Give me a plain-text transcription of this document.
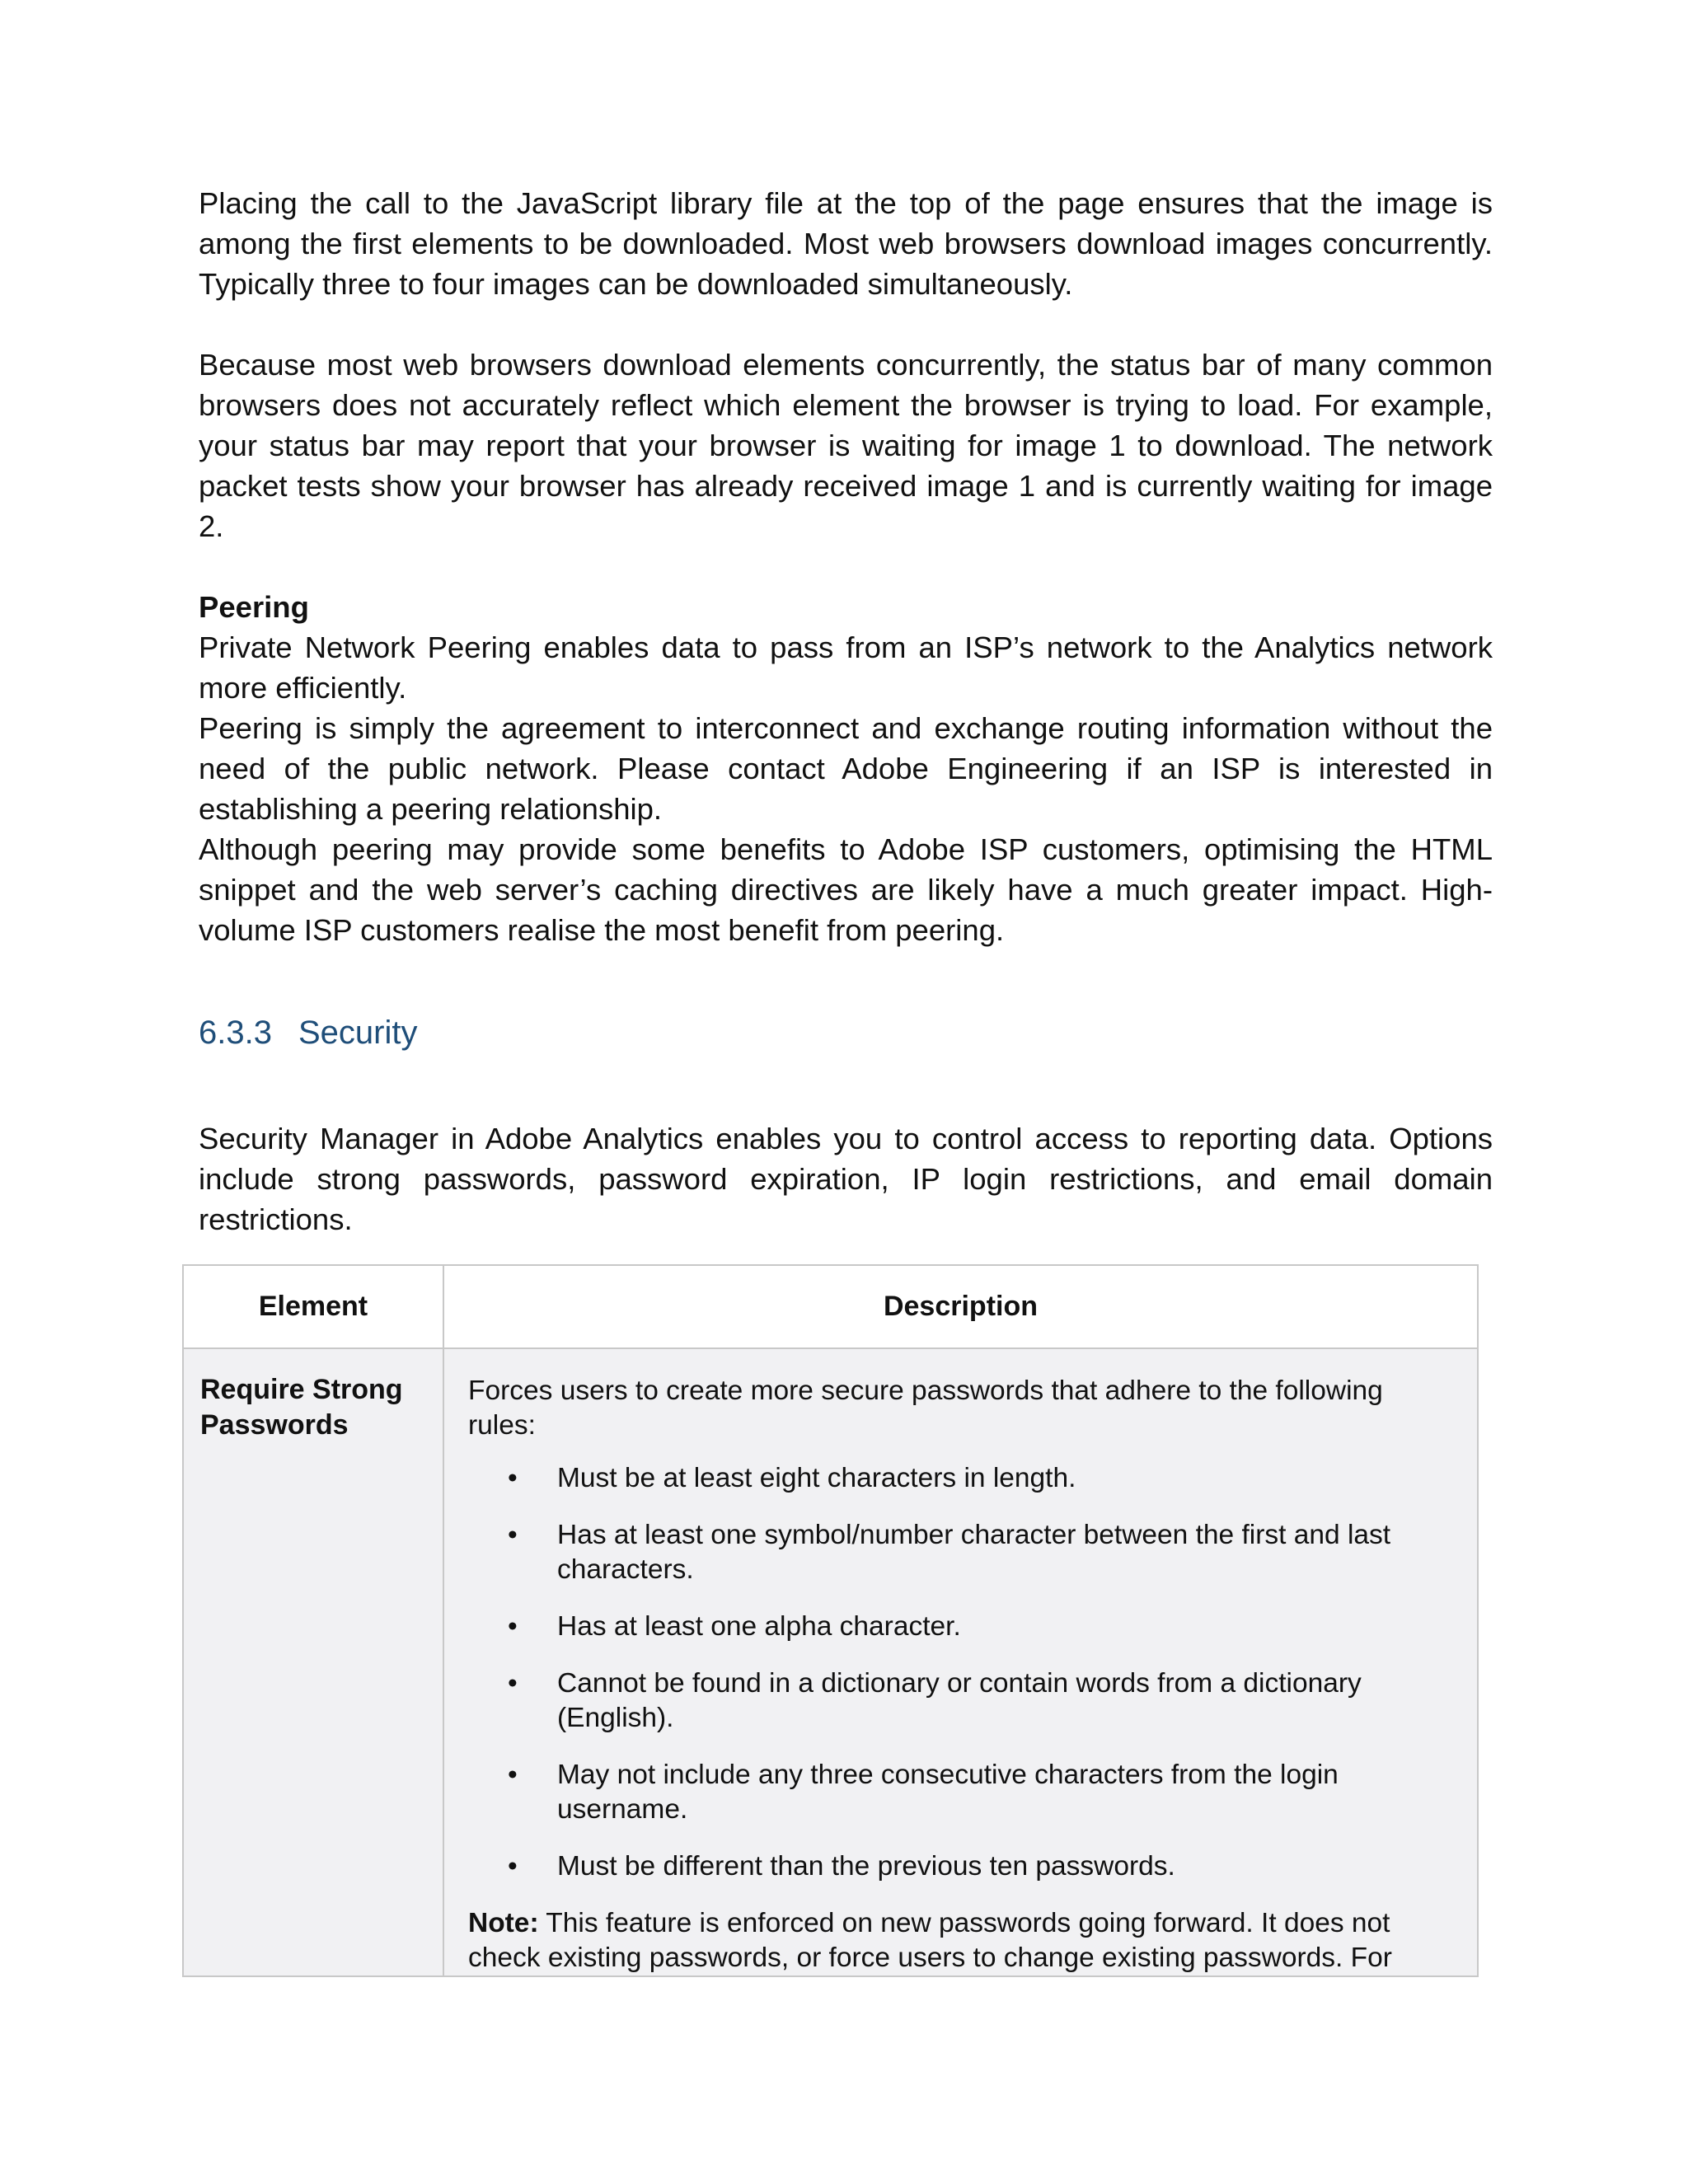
Placing the call to the JavaScript library file at the top of the page ensures that the image is among the first elements to be downloaded. Most web browsers download images concurrently. Typically three to four images can be downloaded simultaneously.

Because most web browsers download elements concurrently, the status bar of many common browsers does not accurately reflect which element the browser is trying to load. For example, your status bar may report that your browser is waiting for image 1 to download. The network packet tests show your browser has already received image 1 and is currently waiting for image 2.

Peering

Private Network Peering enables data to pass from an ISP’s network to the Analytics network more efficiently.

Peering is simply the agreement to interconnect and exchange routing information without the need of the public network. Please contact Adobe Engineering if an ISP is interested in establishing a peering relationship.

Although peering may provide some benefits to Adobe ISP customers, optimising the HTML snippet and the web server’s caching directives are likely have a much greater impact. High-volume ISP customers realise the most benefit from peering.

6.3.3 Security

Security Manager in Adobe Analytics enables you to control access to reporting data. Options include strong passwords, password expiration, IP login restrictions, and email domain restrictions.

Element	Description
Require Strong Passwords

Forces users to create more secure passwords that adhere to the following rules:

• Must be at least eight characters in length.
• Has at least one symbol/number character between the first and last characters.
• Has at least one alpha character.
• Cannot be found in a dictionary or contain words from a dictionary (English).
• May not include any three consecutive characters from the login username.
• Must be different than the previous ten passwords.

Note: This feature is enforced on new passwords going forward. It does not check existing passwords, or force users to change existing passwords. For
